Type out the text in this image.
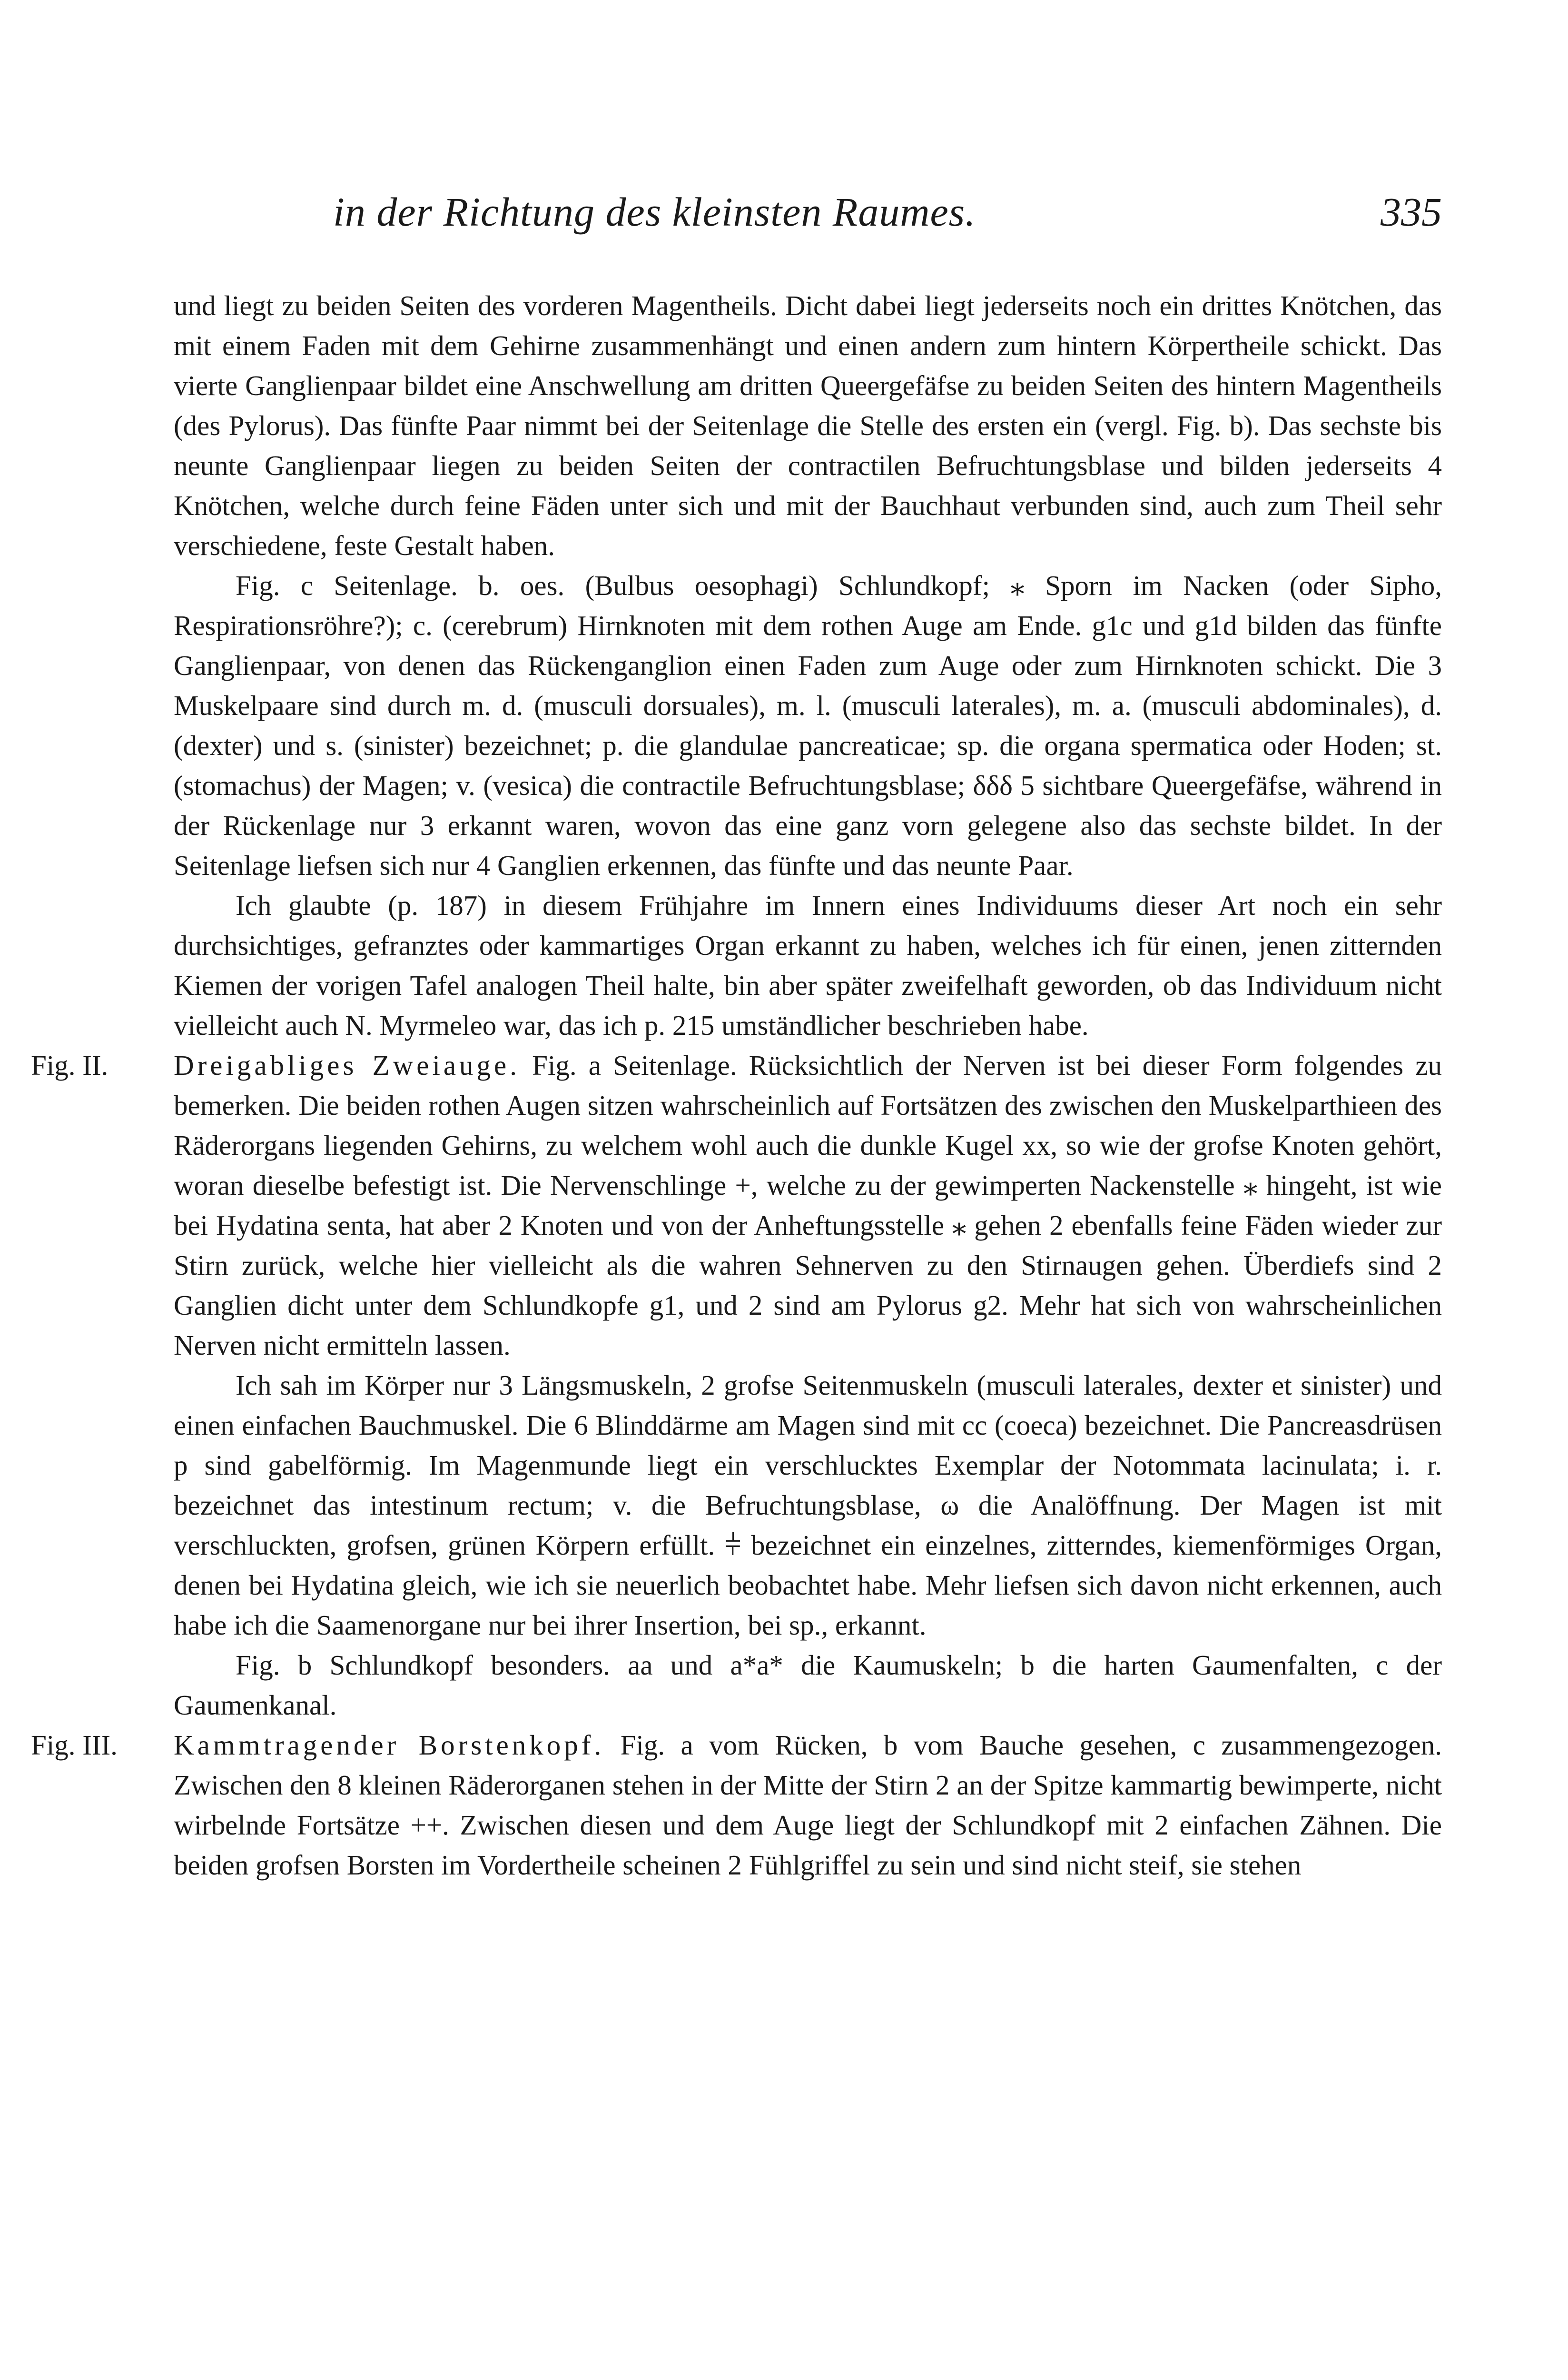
in der Richtung des kleinsten Raumes.	335

und liegt zu beiden Seiten des vorderen Magentheils. Dicht dabei liegt jederseits noch ein drittes Knötchen, das mit einem Faden mit dem Gehirne zusammenhängt und einen andern zum hintern Körpertheile schickt. Das vierte Ganglienpaar bildet eine Anschwellung am dritten Queergefäfse zu beiden Seiten des hintern Magentheils (des Pylorus). Das fünfte Paar nimmt bei der Seitenlage die Stelle des ersten ein (vergl. Fig. b). Das sechste bis neunte Ganglienpaar liegen zu beiden Seiten der contractilen Befruchtungsblase und bilden jederseits 4 Knötchen, welche durch feine Fäden unter sich und mit der Bauchhaut verbunden sind, auch zum Theil sehr verschiedene, feste Gestalt haben.

Fig. c Seitenlage. b. oes. (Bulbus oesophagi) Schlundkopf; ⁎ Sporn im Nacken (oder Sipho, Respirationsröhre?); c. (cerebrum) Hirnknoten mit dem rothen Auge am Ende. g1c und g1d bilden das fünfte Ganglienpaar, von denen das Rückenganglion einen Faden zum Auge oder zum Hirnknoten schickt. Die 3 Muskelpaare sind durch m. d. (musculi dorsuales), m. l. (musculi laterales), m. a. (musculi abdominales), d. (dexter) und s. (sinister) bezeichnet; p. die glandulae pancreaticae; sp. die organa spermatica oder Hoden; st. (stomachus) der Magen; v. (vesica) die contractile Befruchtungsblase; δδδ 5 sichtbare Queergefäfse, während in der Rückenlage nur 3 erkannt waren, wovon das eine ganz vorn gelegene also das sechste bildet. In der Seitenlage liefsen sich nur 4 Ganglien erkennen, das fünfte und das neunte Paar.

Ich glaubte (p. 187) in diesem Frühjahre im Innern eines Individuums dieser Art noch ein sehr durchsichtiges, gefranztes oder kammartiges Organ erkannt zu haben, welches ich für einen, jenen zitternden Kiemen der vorigen Tafel analogen Theil halte, bin aber später zweifelhaft geworden, ob das Individuum nicht vielleicht auch N. Myrmeleo war, das ich p. 215 umständlicher beschrieben habe.

Fig. II. Dreigabliges Zweiauge. Fig. a Seitenlage. Rücksichtlich der Nerven ist bei dieser Form folgendes zu bemerken. Die beiden rothen Augen sitzen wahrscheinlich auf Fortsätzen des zwischen den Muskelparthieen des Räderorgans liegenden Gehirns, zu welchem wohl auch die dunkle Kugel xx, so wie der grofse Knoten gehört, woran dieselbe befestigt ist. Die Nervenschlinge +, welche zu der gewimperten Nackenstelle ⁎ hingeht, ist wie bei Hydatina senta, hat aber 2 Knoten und von der Anheftungsstelle ⁎ gehen 2 ebenfalls feine Fäden wieder zur Stirn zurück, welche hier vielleicht als die wahren Sehnerven zu den Stirnaugen gehen. Überdiefs sind 2 Ganglien dicht unter dem Schlundkopfe g1, und 2 sind am Pylorus g2. Mehr hat sich von wahrscheinlichen Nerven nicht ermitteln lassen.

Ich sah im Körper nur 3 Längsmuskeln, 2 grofse Seitenmuskeln (musculi laterales, dexter et sinister) und einen einfachen Bauchmuskel. Die 6 Blinddärme am Magen sind mit cc (coeca) bezeichnet. Die Pancreasdrüsen p sind gabelförmig. Im Magenmunde liegt ein verschlucktes Exemplar der Notommata lacinulata; i. r. bezeichnet das intestinum rectum; v. die Befruchtungsblase, ω die Analöffnung. Der Magen ist mit verschluckten, grofsen, grünen Körpern erfüllt. ⫩ bezeichnet ein einzelnes, zitterndes, kiemenförmiges Organ, denen bei Hydatina gleich, wie ich sie neuerlich beobachtet habe. Mehr liefsen sich davon nicht erkennen, auch habe ich die Saamenorgane nur bei ihrer Insertion, bei sp., erkannt.

Fig. b Schlundkopf besonders. aa und a*a* die Kaumuskeln; b die harten Gaumenfalten, c der Gaumenkanal.

Fig. III. Kammtragender Borstenkopf. Fig. a vom Rücken, b vom Bauche gesehen, c zusammengezogen. Zwischen den 8 kleinen Räderorganen stehen in der Mitte der Stirn 2 an der Spitze kammartig bewimperte, nicht wirbelnde Fortsätze ++. Zwischen diesen und dem Auge liegt der Schlundkopf mit 2 einfachen Zähnen. Die beiden grofsen Borsten im Vordertheile scheinen 2 Fühlgriffel zu sein und sind nicht steif, sie stehen
